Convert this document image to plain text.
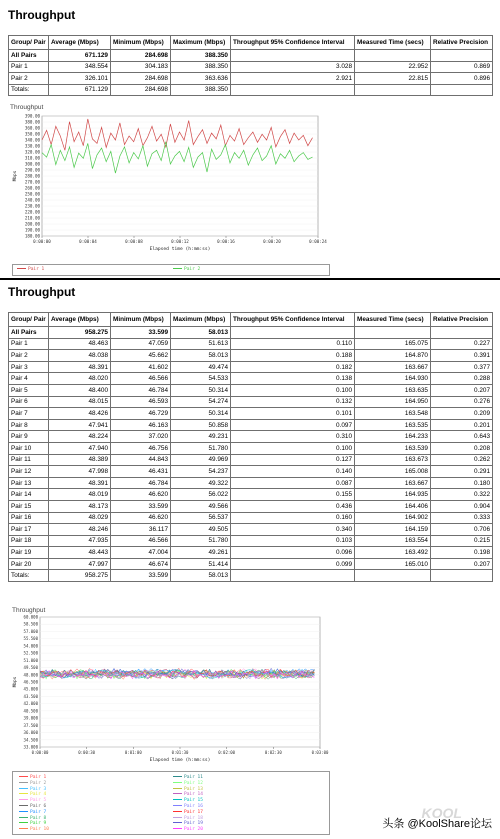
Throughput
Group/ Pair	Average (Mbps)	Minimum (Mbps)	Maximum (Mbps)	Throughput 95% Confidence Interval	Measured Time (secs)	Relative Precision
All Pairs	671.129	284.698	388.350			
Pair 1	348.554	304.183	388.350	3.028	22.952	0.869
Pair 2	326.101	284.698	363.636	2.921	22.815	0.896
Totals:	671.129	284.698	388.350			
Throughput
390.00
380.00
360.00
350.00
340.00
330.00
320.00
310.00
300.00
290.00
280.00
270.00
260.00
250.00
240.00
230.00
220.00
210.00
200.00
190.00
180.00
0:00:00	0:00:04	0:00:08	0:00:12	0:00:16	0:00:20	0:00:24
Elapsed time (h:mm:ss)
Mbps
Pair 1	Pair 2
Throughput
Group/ Pair	Average (Mbps)	Minimum (Mbps)	Maximum (Mbps)	Throughput 95% Confidence Interval	Measured Time (secs)	Relative Precision
All Pairs	958.275	33.599	58.013			
Pair 1	48.463	47.059	51.613	0.110	165.075	0.227
Pair 2	48.038	45.662	58.013	0.188	164.870	0.391
Pair 3	48.391	41.602	49.474	0.182	163.667	0.377
Pair 4	48.020	46.566	54.533	0.138	164.930	0.288
Pair 5	48.400	46.784	50.314	0.100	163.635	0.207
Pair 6	48.015	46.593	54.274	0.132	164.950	0.276
Pair 7	48.426	46.729	50.314	0.101	163.548	0.209
Pair 8	47.941	46.163	50.858	0.097	163.535	0.201
Pair 9	48.224	37.020	49.231	0.310	164.233	0.643
Pair 10	47.940	46.756	51.780	0.100	163.539	0.208
Pair 11	48.389	44.843	49.969	0.127	163.673	0.262
Pair 12	47.998	46.431	54.237	0.140	165.008	0.291
Pair 13	48.391	46.784	49.322	0.087	163.667	0.180
Pair 14	48.019	46.620	56.022	0.155	164.935	0.322
Pair 15	48.173	33.599	49.566	0.436	164.406	0.904
Pair 16	48.029	46.620	56.537	0.160	164.902	0.333
Pair 17	48.246	36.117	49.505	0.340	164.159	0.706
Pair 18	47.935	46.566	51.780	0.103	163.554	0.215
Pair 19	48.443	47.004	49.261	0.096	163.492	0.198
Pair 20	47.997	46.674	51.414	0.099	165.010	0.207
Totals:	958.275	33.599	58.013			
Throughput
60.000
58.500
57.000
55.500
54.000
52.500
51.000
49.500
48.000
46.500
45.000
43.500
42.000
40.500
39.000
37.500
36.000
34.500
33.000
0:00:00	0:00:30	0:01:00	0:01:30	0:02:00	0:02:30	0:03:00
Elapsed time (h:mm:ss)
Mbps
Pair 1
Pair 2
Pair 3
Pair 4
Pair 5
Pair 6
Pair 7
Pair 8
Pair 9
Pair 10
Pair 11
Pair 12
Pair 13
Pair 14
Pair 15
Pair 16
Pair 17
Pair 18
Pair 19
Pair 20
KOOL
头条 @KoolShare论坛
